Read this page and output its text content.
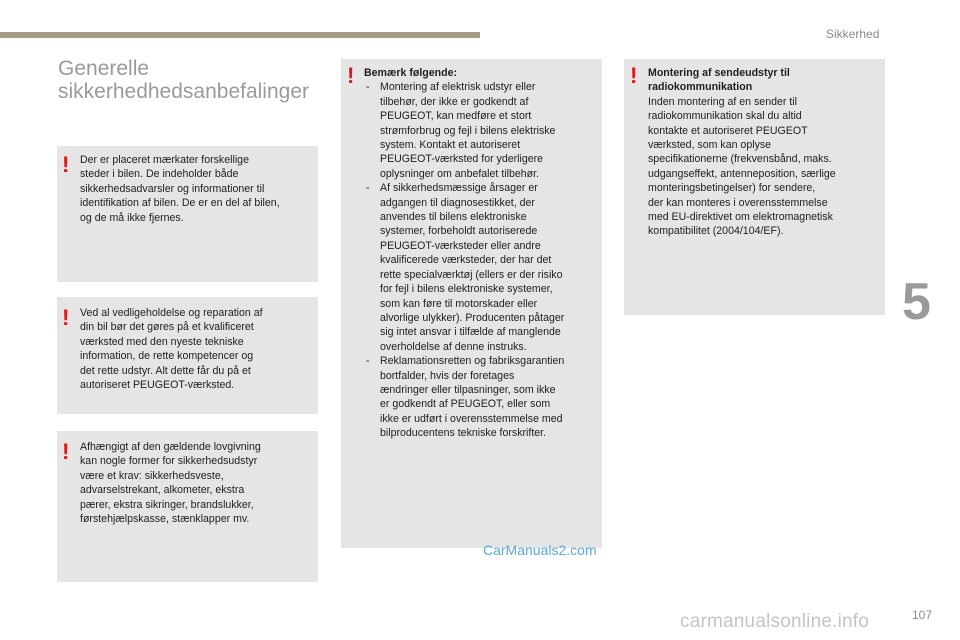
Sikkerhed
5
Generelle
sikkerhedhedsanbefalinger
! Der er placeret mærkater forskellige
steder i bilen. De indeholder både
sikkerhedsadvarsler og informationer til
identifikation af bilen. De er en del af bilen,
og de må ikke fjernes.
! Ved al vedligeholdelse og reparation af
din bil bør det gøres på et kvalificeret
værksted med den nyeste tekniske
information, de rette kompetencer og
det rette udstyr. Alt dette får du på et
autoriseret PEUGEOT-værksted.
! Afhængigt af den gældende lovgivning
kan nogle former for sikkerhedsudstyr
være et krav: sikkerhedsveste,
advarselstrekant, alkometer, ekstra
pærer, ekstra sikringer, brandslukker,
førstehjælpskasse, stænklapper mv.
! Bemærk følgende:
- Montering af elektrisk udstyr eller
tilbehør, der ikke er godkendt af
PEUGEOT, kan medføre et stort
strømforbrug og fejl i bilens elektriske
system. Kontakt et autoriseret
PEUGEOT-værksted for yderligere
oplysninger om anbefalet tilbehør.
- Af sikkerhedsmæssige årsager er
adgangen til diagnosestikket, der
anvendes til bilens elektroniske
systemer, forbeholdt autoriserede
PEUGEOT-værksteder eller andre
kvalificerede værksteder, der har det
rette specialværktøj (ellers er der risiko
for fejl i bilens elektroniske systemer,
som kan føre til motorskader eller
alvorlige ulykker). Producenten påtager
sig intet ansvar i tilfælde af manglende
overholdelse af denne instruks.
- Reklamationsretten og fabriksgarantien
bortfalder, hvis der foretages
ændringer eller tilpasninger, som ikke
er godkendt af PEUGEOT, eller som
ikke er udført i overensstemmelse med
bilproducentens tekniske forskrifter.
! Montering af sendeudstyr til
radiokommunikation
Inden montering af en sender til
radiokommunikation skal du altid
kontakte et autoriseret PEUGEOT
værksted, som kan oplyse
specifikationerne (frekvensbånd, maks.
udgangseffekt, antenneposition, særlige
monteringsbetingelser) for sendere,
der kan monteres i overensstemmelse
med EU-direktivet om elektromagnetisk
kompatibilitet (2004/104/EF).
CarManuals2.com
carmanualsonline.info	107
